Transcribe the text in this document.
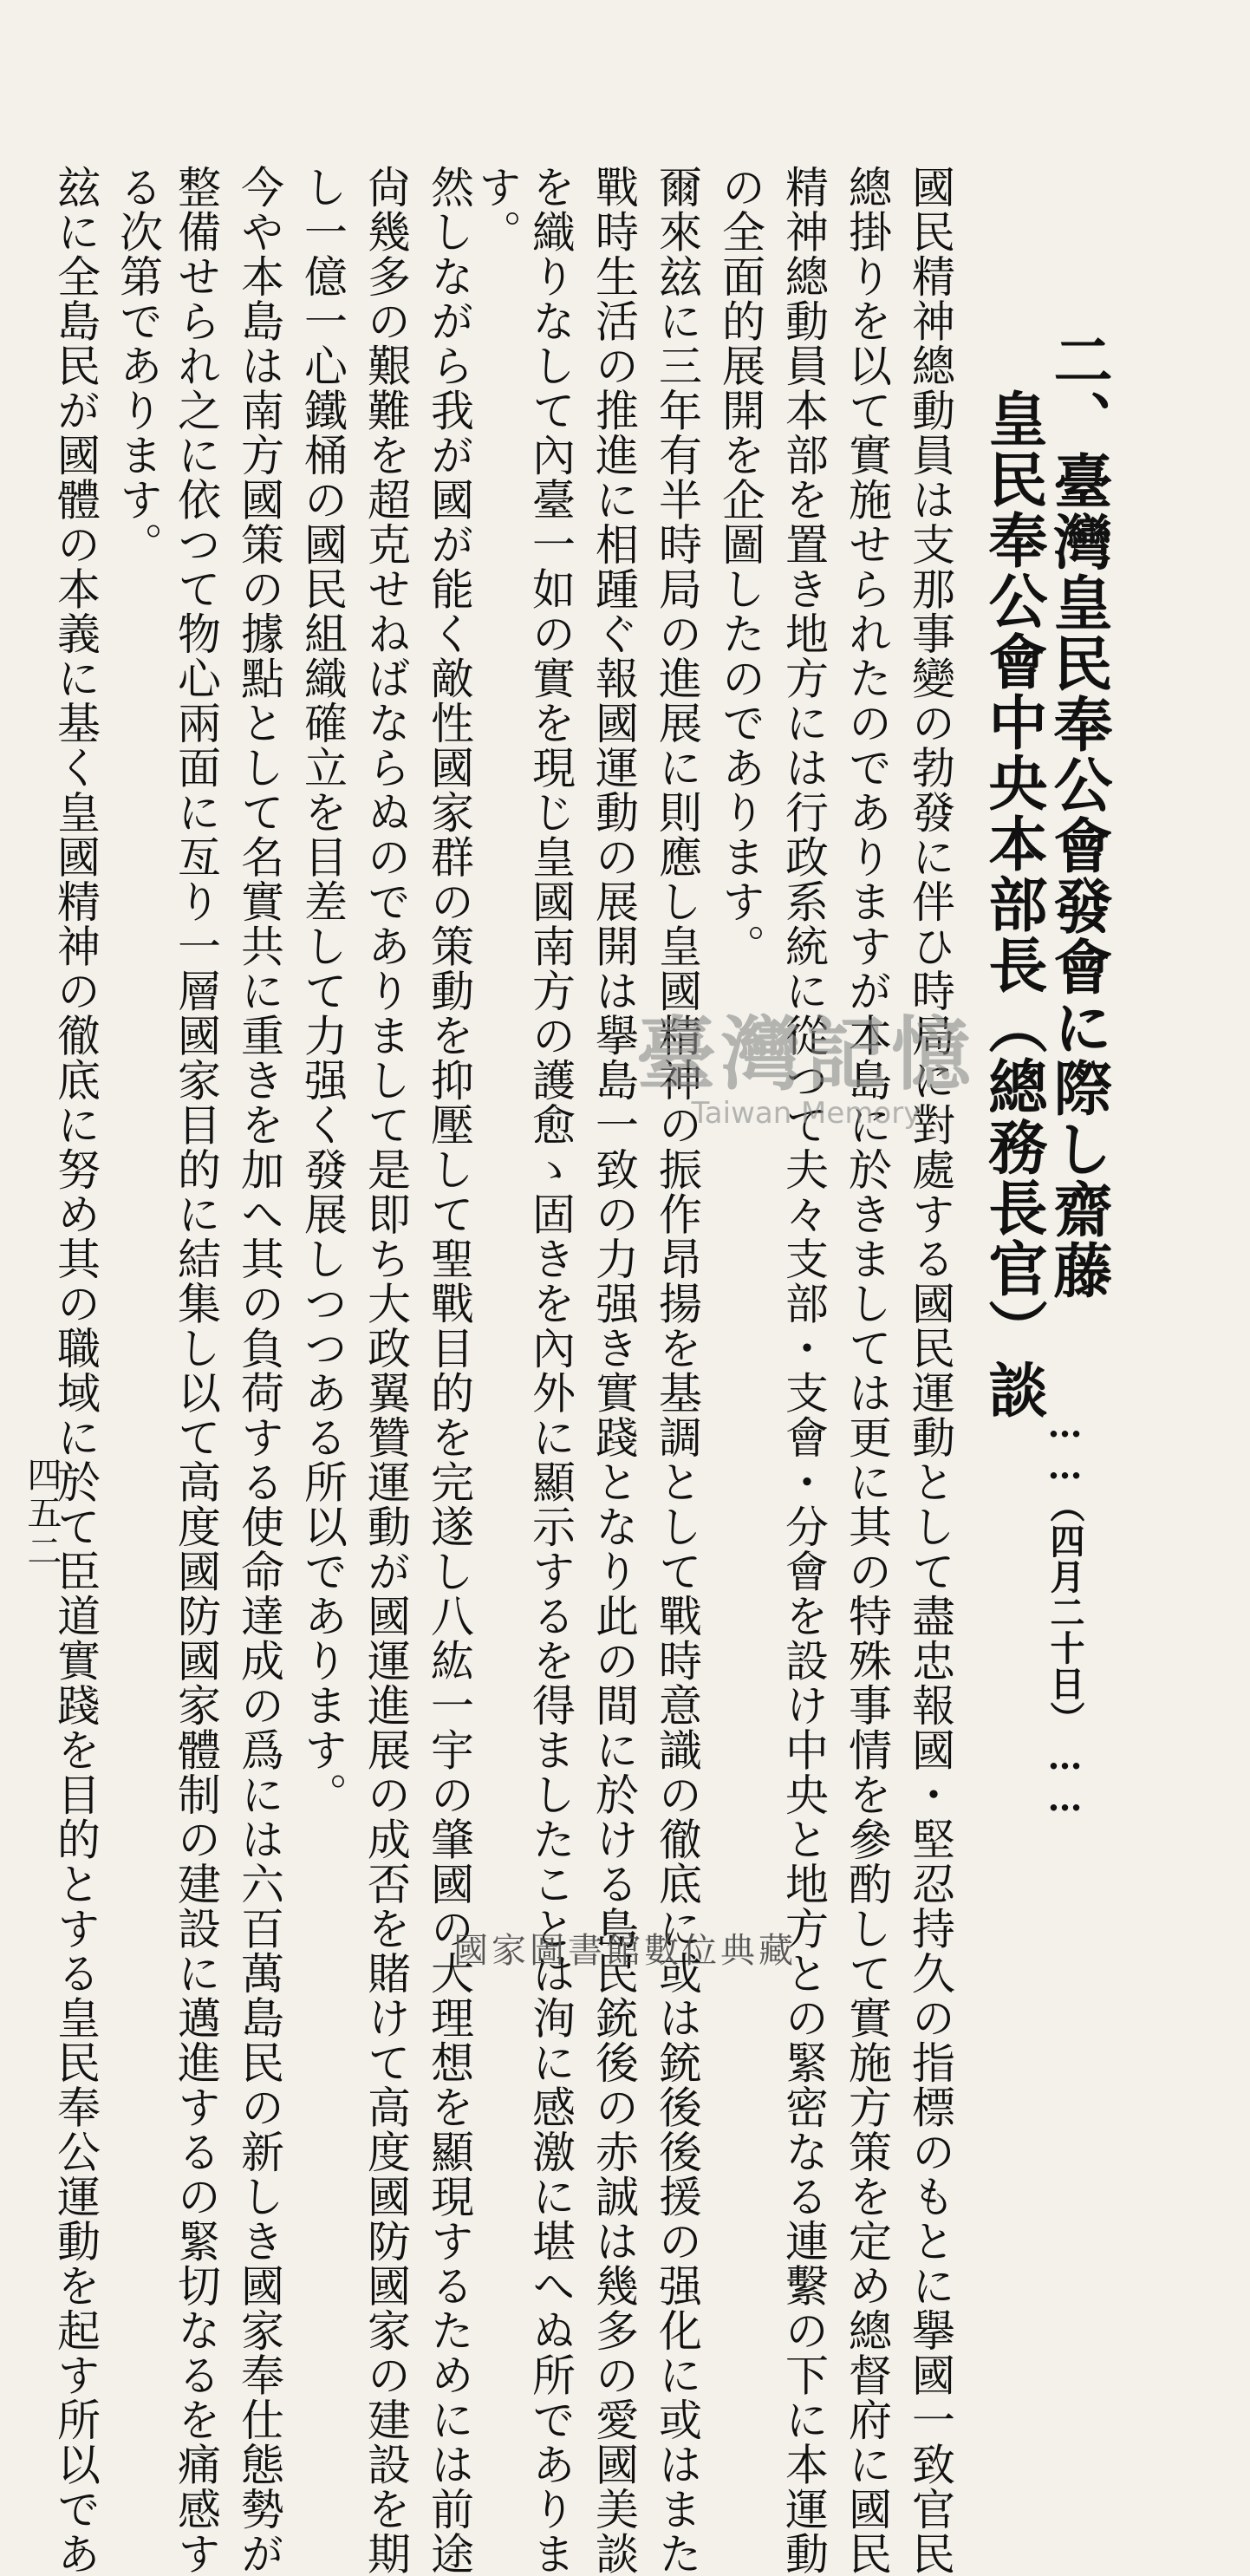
二、臺灣皇民奉公會發會に際し齋藤
皇民奉公會中央本部長（總務長官）談
……（四月二十日）……
國民精神總動員は支那事變の勃發に伴ひ時局に對處する國民運動として盡忠報國・堅忍持久の指標のもとに擧國一致官民
總掛りを以て實施せられたのでありますが本島に於きましては更に其の特殊事情を參酌して實施方策を定め總督府に國民
精神總動員本部を置き地方には行政系統に從つて夫々支部・支會・分會を設け中央と地方との緊密なる連繫の下に本運動
の全面的展開を企圖したのであります。
爾來玆に三年有半時局の進展に則應し皇國精神の振作昂揚を基調として戰時意識の徹底に或は銃後後援の强化に或はまた
戰時生活の推進に相踵ぐ報國運動の展開は擧島一致の力强き實踐となり此の間に於ける島民銃後の赤誠は幾多の愛國美談
を織りなして內臺一如の實を現じ皇國南方の護愈ゝ固きを內外に顯示するを得ましたことは洵に感激に堪へぬ所でありま
す。
然しながら我が國が能く敵性國家群の策動を抑壓して聖戰目的を完遂し八紘一宇の肇國の大理想を顯現するためには前途
尙幾多の艱難を超克せねばならぬのでありまして是即ち大政翼贊運動が國運進展の成否を賭けて高度國防國家の建設を期
し一億一心鐵桶の國民組織確立を目差して力强く發展しつつある所以であります。
今や本島は南方國策の據點として名實共に重きを加へ其の負荷する使命達成の爲には六百萬島民の新しき國家奉仕態勢が
整備せられ之に依つて物心兩面に亙り一層國家目的に結集し以て高度國防國家體制の建設に邁進するの緊切なるを痛感す
る次第であります。
玆に全島民が國體の本義に基く皇國精神の徹底に努め其の職域に於て臣道實踐を目的とする皇民奉公運動を起す所以であ
四五二
臺灣記憶
Taiwan Memory
國家圖書館數位典藏
